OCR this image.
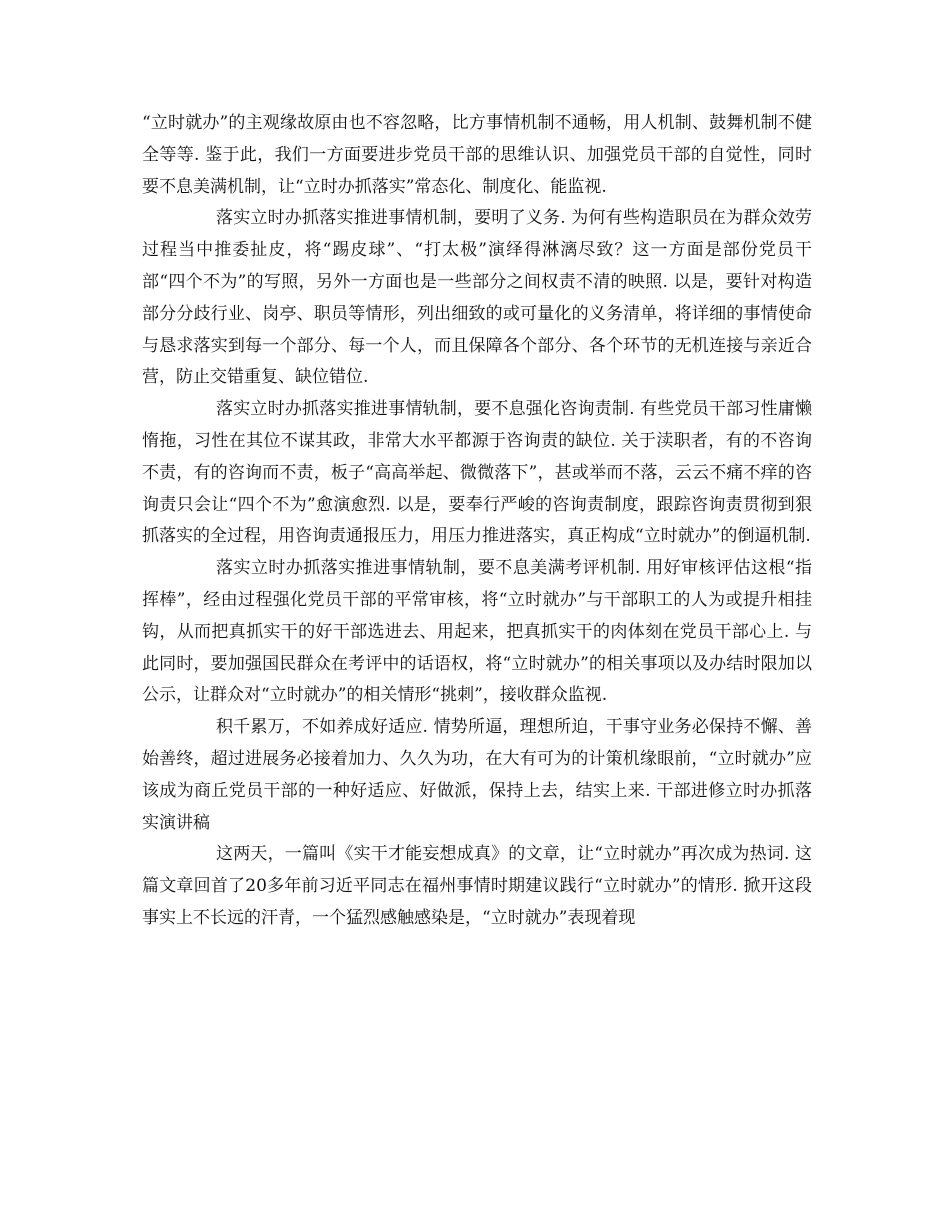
“立时就办”的主观缘故原由也不容忽略，比方事情机制不通畅，用人机制、鼓舞机制不健全等等. 鉴于此，我们一方面要进步党员干部的思维认识、加强党员干部的自觉性，同时要不息美满机制，让“立时办抓落实”常态化、制度化、能监视.

落实立时办抓落实推进事情机制，要明了义务. 为何有些构造职员在为群众效劳过程当中推委扯皮，将“踢皮球”、“打太极”演绎得淋漓尽致？这一方面是部份党员干部“四个不为”的写照，另外一方面也是一些部分之间权责不清的映照. 以是，要针对构造部分分歧行业、岗亭、职员等情形，列出细致的或可量化的义务清单，将详细的事情使命与恳求落实到每一个部分、每一个人，而且保障各个部分、各个环节的无机连接与亲近合营，防止交错重复、缺位错位.

落实立时办抓落实推进事情轨制，要不息强化咨询责制. 有些党员干部习性庸懒惰拖，习性在其位不谋其政，非常大水平都源于咨询责的缺位. 关于渎职者，有的不咨询不责，有的咨询而不责，板子“高高举起、微微落下”，甚或举而不落，云云不痛不痒的咨询责只会让“四个不为”愈演愈烈. 以是，要奉行严峻的咨询责制度，跟踪咨询责贯彻到狠抓落实的全过程，用咨询责通报压力，用压力推进落实，真正构成“立时就办”的倒逼机制.

落实立时办抓落实推进事情轨制，要不息美满考评机制. 用好审核评估这根“指挥棒”，经由过程强化党员干部的平常审核，将“立时就办”与干部职工的人为或提升相挂钩，从而把真抓实干的好干部选进去、用起来，把真抓实干的肉体刻在党员干部心上. 与此同时，要加强国民群众在考评中的话语权，将“立时就办”的相关事项以及办结时限加以公示，让群众对“立时就办”的相关情形“挑刺”，接收群众监视.

积千累万，不如养成好适应. 情势所逼，理想所迫，干事守业务必保持不懈、善始善终，超过进展务必接着加力、久久为功，在大有可为的计策机缘眼前，“立时就办”应该成为商丘党员干部的一种好适应、好做派，保持上去，结实上来. 干部进修立时办抓落实演讲稿

这两天，一篇叫《实干才能妄想成真》的文章，让“立时就办”再次成为热词. 这篇文章回首了20多年前习近平同志在福州事情时期建议践行“立时就办”的情形. 掀开这段事实上不长远的汗青，一个猛烈感触感染是，“立时就办”表现着现
